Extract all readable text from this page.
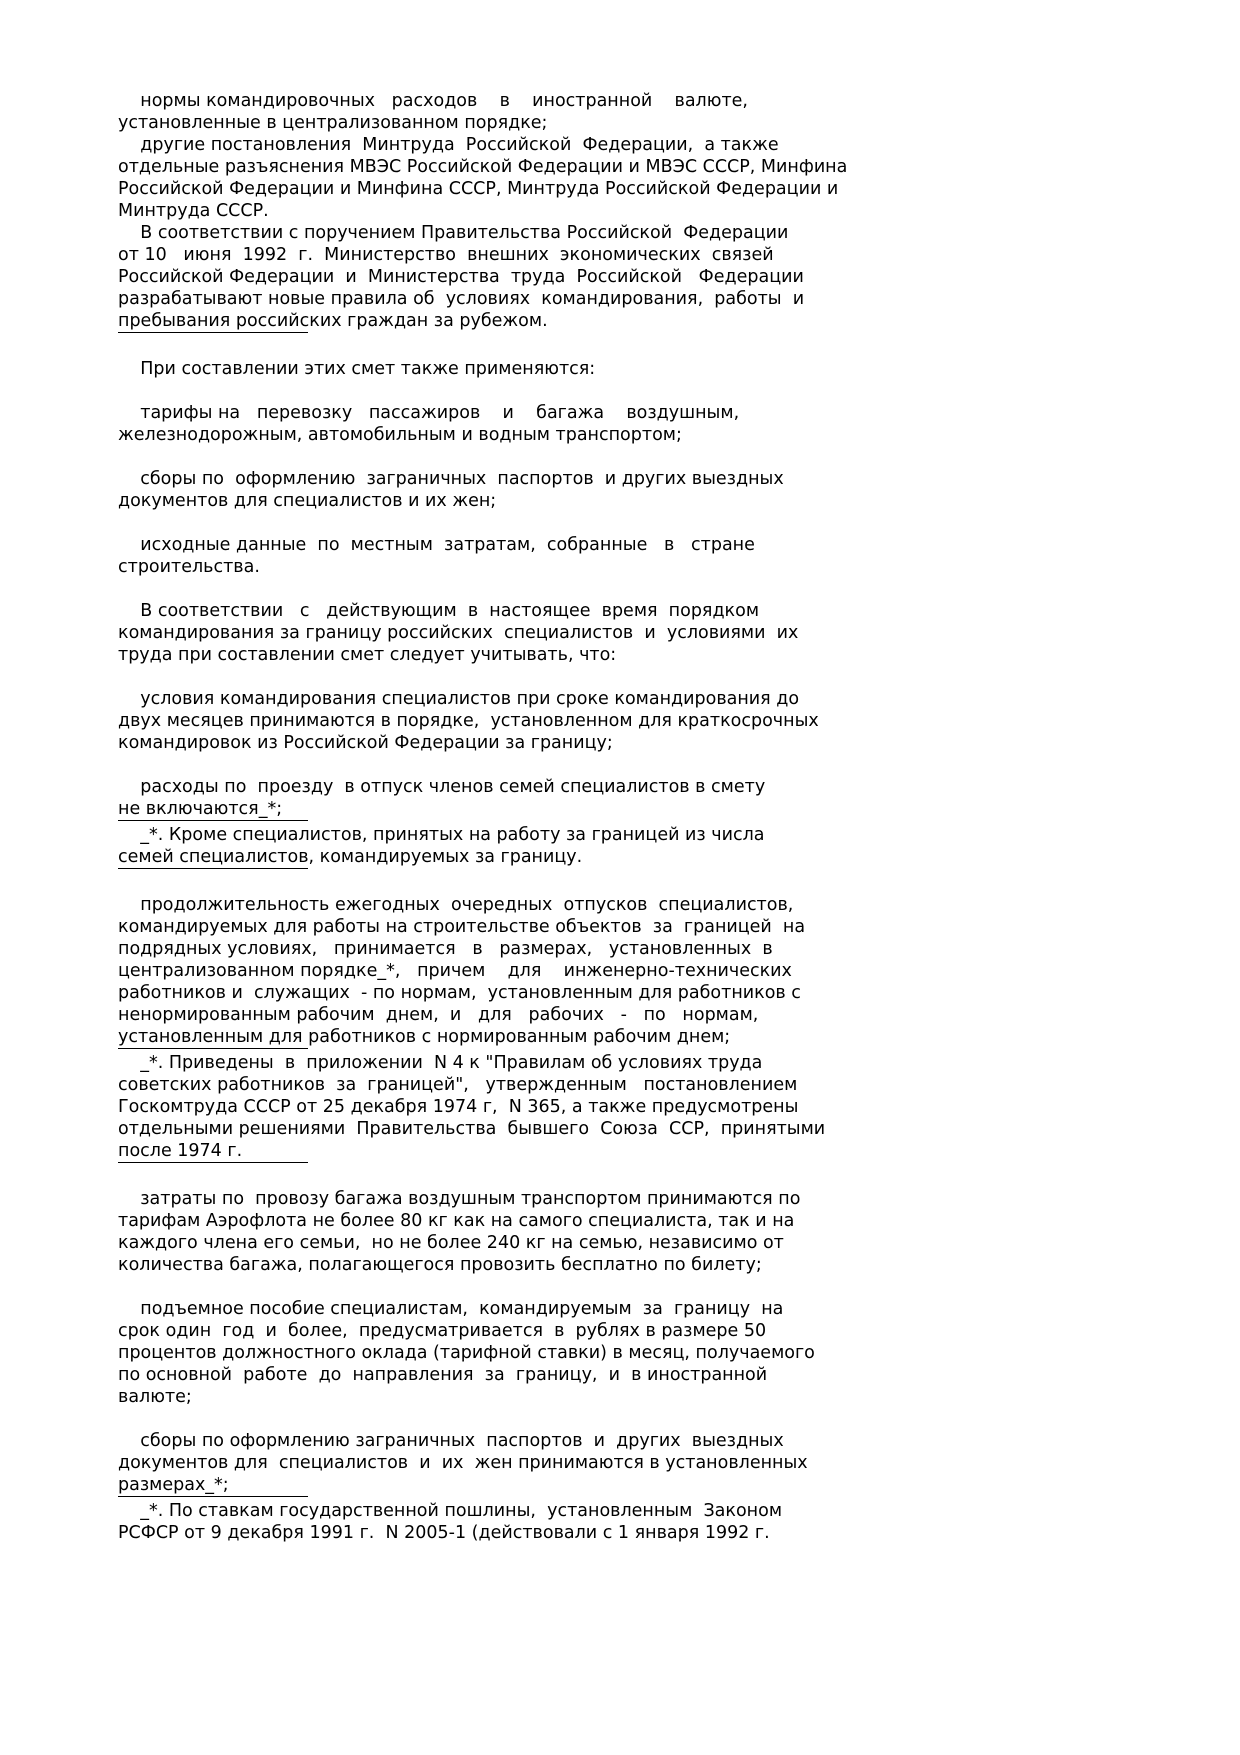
нормы командировочных   расходов    в    иностранной    валюте,
установленные в централизованном порядке;
другие постановления  Минтруда  Российской  Федерации,  а также
отдельные разъяснения МВЭС Российской Федерации и МВЭС СССР, Минфина
Российской Федерации и Минфина СССР, Минтруда Российской Федерации и
Минтруда СССР.
В соответствии с поручением Правительства Российской  Федерации
от 10   июня  1992  г.  Министерство  внешних  экономических  связей
Российской Федерации  и  Министерства  труда  Российской   Федерации
разрабатывают новые правила об  условиях  командирования,  работы  и
пребывания российских граждан за рубежом.
При составлении этих смет также применяются:
тарифы на   перевозку   пассажиров    и    багажа    воздушным,
железнодорожным, автомобильным и водным транспортом;
сборы по  оформлению  заграничных  паспортов  и других выездных
документов для специалистов и их жен;
исходные данные  по  местным  затратам,  собранные   в   стране
строительства.
В соответствии   с   действующим  в  настоящее  время  порядком
командирования за границу российских  специалистов  и  условиями  их
труда при составлении смет следует учитывать, что:
условия командирования специалистов при сроке командирования до
двух месяцев принимаются в порядке,  установленном для краткосрочных
командировок из Российской Федерации за границу;
расходы по  проезду  в отпуск членов семей специалистов в смету
не включаются_*;
_*. Кроме специалистов, принятых на работу за границей из числа
семей специалистов, командируемых за границу.
продолжительность ежегодных  очередных  отпусков  специалистов,
командируемых для работы на строительстве объектов  за  границей  на
подрядных условиях,   принимается   в   размерах,   установленных  в
централизованном порядке_*,   причем    для    инженерно-технических
работников и  служащих  - по нормам,  установленным для работников с
ненормированным рабочим  днем,  и   для   рабочих   -   по   нормам,
установленным для работников с нормированным рабочим днем;
_*. Приведены  в  приложении  N 4 к "Правилам об условиях труда
советских работников  за  границей",   утвержденным   постановлением
Госкомтруда СССР от 25 декабря 1974 г,  N 365, а также предусмотрены
отдельными решениями  Правительства  бывшего  Союза  ССР,  принятыми
после 1974 г.
затраты по  провозу багажа воздушным транспортом принимаются по
тарифам Аэрофлота не более 80 кг как на самого специалиста, так и на
каждого члена его семьи,  но не более 240 кг на семью, независимо от
количества багажа, полагающегося провозить бесплатно по билету;
подъемное пособие специалистам,  командируемым  за  границу  на
срок один  год  и  более,  предусматривается  в  рублях в размере 50
процентов должностного оклада (тарифной ставки) в месяц, получаемого
по основной  работе  до  направления  за  границу,  и  в иностранной
валюте;
сборы по оформлению заграничных  паспортов  и  других  выездных
документов для  специалистов  и  их  жен принимаются в установленных
размерах_*;
_*. По ставкам государственной пошлины,  установленным  Законом
РСФСР от 9 декабря 1991 г.  N 2005-1 (действовали с 1 января 1992 г.
